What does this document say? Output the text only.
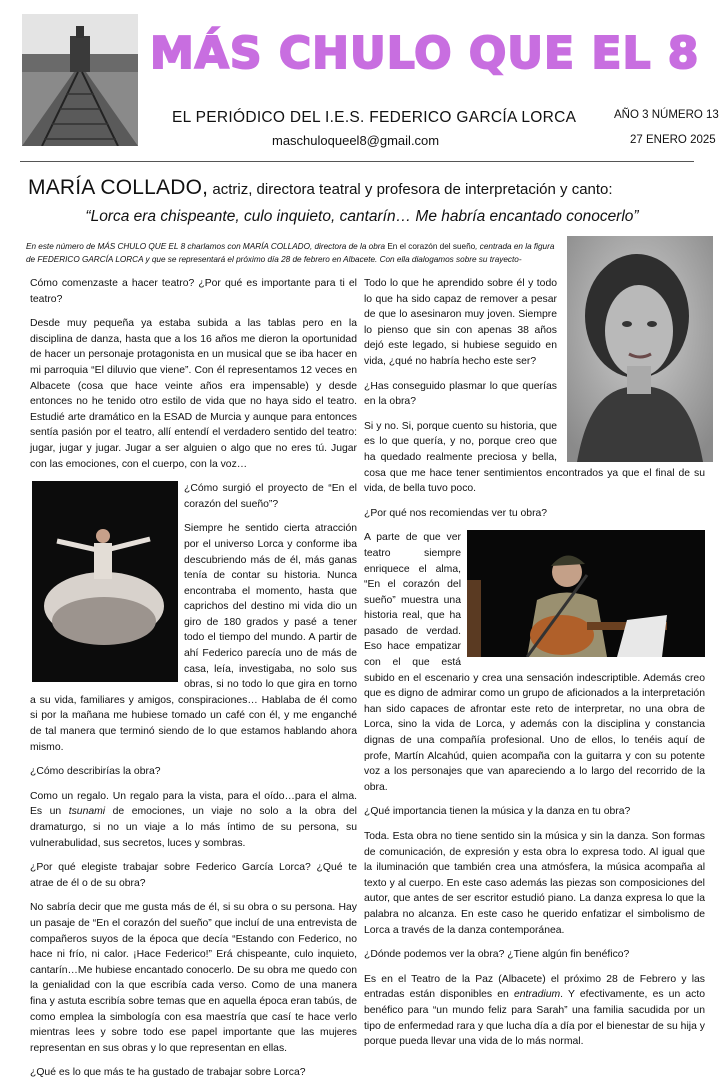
MÁS CHULO QUE EL 8
EL PERIÓDICO DEL I.E.S. FEDERICO GARCÍA LORCA
maschuloqueel8@gmail.com
AÑO 3 NÚMERO 13
27 ENERO 2025
MARÍA COLLADO, actriz, directora teatral y profesora de interpretación y canto:
“Lorca era chispeante, culo inquieto, cantarín… Me habría encantado conocerlo”
En este número de MÁS CHULO QUE EL 8 charlamos con MARÍA COLLADO, directora de la obra En el corazón del sueño, centrada en la figura de FEDERICO GARCÍA LORCA y que se representará el próximo día 28 de febrero en Albacete. Con ella dialogamos sobre su trayecto-

Cómo comenzaste a hacer teatro? ¿Por qué es importante para ti el teatro?

Desde muy pequeña ya estaba subida a las tablas pero en la disciplina de danza, hasta que a los 16 años me dieron la oportunidad de hacer un personaje protagonista en un musical que se iba hacer en mi parroquia “El diluvio que viene”. Con él representamos 12 veces en Albacete (cosa que hace veinte años era impensable) y desde entonces no he tenido otro estilo de vida que no haya sido el teatro. Estudié arte dramático en la ESAD de Murcia y aunque para entonces sentía pasión por el teatro, allí entendí el verdadero sentido del teatro: jugar, jugar y jugar. Jugar a ser alguien o algo que no eres tú. Jugar con las emociones, con el cuerpo, con la voz…

¿Cómo surgió el proyecto de “En el corazón del sueño”?

Siempre he sentido cierta atracción por el universo Lorca y conforme iba descubriendo más de él, más ganas tenía de contar su historia. Nunca encontraba el momento, hasta que caprichos del destino mi vida dio un giro de 180 grados y pasé a tener todo el tiempo del mundo. A partir de ahí Federico parecía uno de más de casa, leía, investigaba, no solo sus obras, si no todo lo que gira en torno a su vida, familiares y amigos, conspiraciones… Hablaba de él como si por la mañana me hubiese tomado un café con él, y me enganché de tal manera que terminó siendo de lo que estamos hablando ahora mismo.

¿Cómo describirías la obra?

Como un regalo. Un regalo para la vista, para el oído…para el alma. Es un tsunami de emociones, un viaje no solo a la obra del dramaturgo, si no un viaje a lo más íntimo de su persona, su vulnerabulidad, sus secretos, luces y sombras.

¿Por qué elegiste trabajar sobre Federico García Lorca? ¿Qué te atrae de él o de su obra?

No sabría decir que me gusta más de él, si su obra o su persona. Hay un pasaje de “En el corazón del sueño” que incluí de una entrevista de compañeros suyos de la época que decía “Estando con Federico, no hace ni frío, ni calor. ¡Hace Federico!” Erá chispeante, culo inquieto, cantarín…Me hubiese encantado conocerlo. De su obra me quedo con la genialidad con la que escribía cada verso. Como de una manera fina y astuta escribía sobre temas que en aquella época eran tabús, de como emplea la simbología con esa maestría que casí te hace verlo mientras lees y sobre todo ese papel importante que las mujeres representan en sus obras y lo que representan en ellas.

¿Qué es lo que más te ha gustado de trabajar sobre Lorca?

Todo lo que he aprendido sobre él y todo lo que ha sido capaz de remover a pesar de que lo asesinaron muy joven. Siempre lo pienso que sin con apenas 38 años dejó este legado, si hubiese seguido en vida, ¿qué no habría hecho este ser?

¿Has conseguido plasmar lo que querías en la obra?

Si y no. Si, porque cuento su historia, que es lo que quería, y no, porque creo que ha quedado realmente preciosa y bella, cosa que me hace tener sentimientos encontrados ya que el final de su vida, de bella tuvo poco.

¿Por qué nos recomiendas ver tu obra?

A parte de que ver teatro siempre enriquece el alma, “En el corazón del sueño” muestra una historia real, que ha pasado de verdad. Eso hace empatizar con el que está subido en el escenario y crea una sensación indescriptible. Además creo que es digno de admirar como un grupo de aficionados a la interpretación han sido capaces de afrontar este reto de interpretar, no una obra de Lorca, sino la vida de Lorca, y además con la disciplina y constancia dignas de una compañía profesional. Uno de ellos, lo tenéis aquí de profe, Martín Alcahúd, quien acompaña con la guitarra y con su potente voz a los personajes que van apareciendo a lo largo del recorrido de la obra.

¿Qué importancia tienen la música y la danza en tu obra?

Toda. Esta obra no tiene sentido sin la música y sin la danza. Son formas de comunicación, de expresión y esta obra lo expresa todo. Al igual que la iluminación que también crea una atmósfera, la música acompaña al texto y al cuerpo. En este caso además las piezas son composiciones del autor, que antes de ser escritor estudió piano. La danza expresa lo que la palabra no alcanza. En este caso he querido enfatizar el simbolismo de Lorca a través de la danza contemporánea.

¿Dónde podemos ver la obra? ¿Tiene algún fin benéfico?

Es en el Teatro de la Paz (Albacete) el próximo 28 de Febrero y las entradas están disponibles en entradium. Y efectivamente, es un acto benéfico para “un mundo feliz para Sarah” una familia sacudida por un tipo de enfermedad rara y que lucha día a día por el bienestar de su hija y porque pueda llevar una vida de lo más normal.
